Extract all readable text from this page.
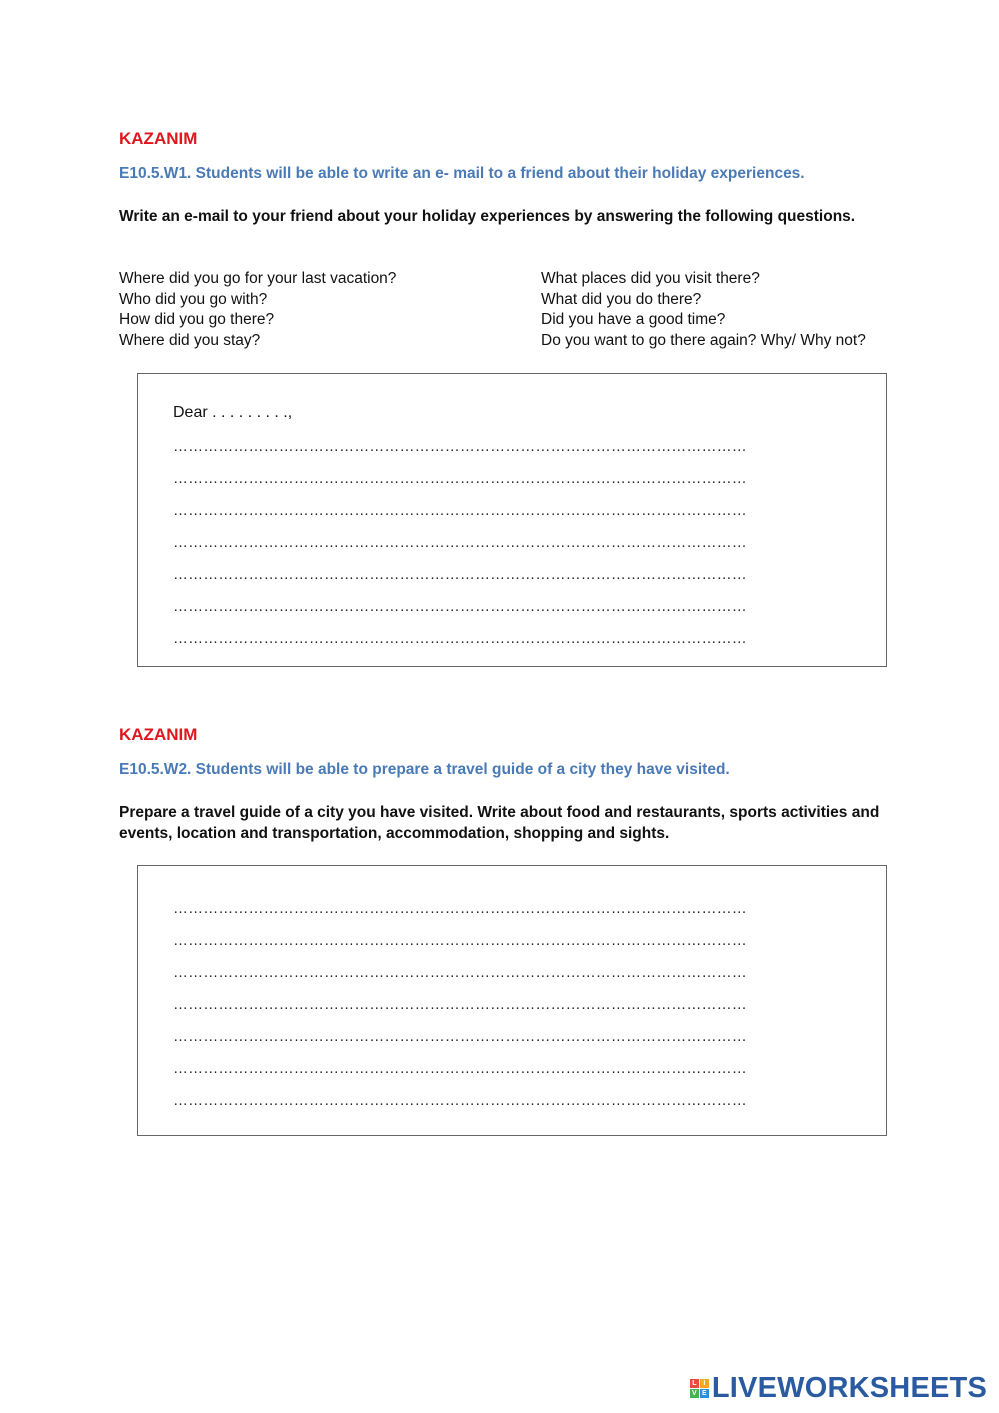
KAZANIM

E10.5.W1. Students will be able to write an e- mail to a friend about their holiday experiences.

Write an e-mail to your friend about your holiday experiences by answering the following questions.

Where did you go for your last vacation?
Who did you go with?
How did you go there?
Where did you stay?
What places did you visit there?
What did you do there?
Did you have a good time?
Do you want to go there again? Why/ Why not?
Dear . . . . . . . . .,
……………………………………………………………………………………………………
……………………………………………………………………………………………………
……………………………………………………………………………………………………
……………………………………………………………………………………………………
……………………………………………………………………………………………………
……………………………………………………………………………………………………
……………………………………………………………………………………………………
KAZANIM

E10.5.W2. Students will be able to prepare a travel guide of a city they have visited.

Prepare a travel guide of a city you have visited. Write about food and restaurants, sports activities and events, location and transportation, accommodation, shopping and sights.

……………………………………………………………………………………………………
……………………………………………………………………………………………………
……………………………………………………………………………………………………
……………………………………………………………………………………………………
……………………………………………………………………………………………………
……………………………………………………………………………………………………
……………………………………………………………………………………………………
L I
V E LIVEWORKSHEETS
